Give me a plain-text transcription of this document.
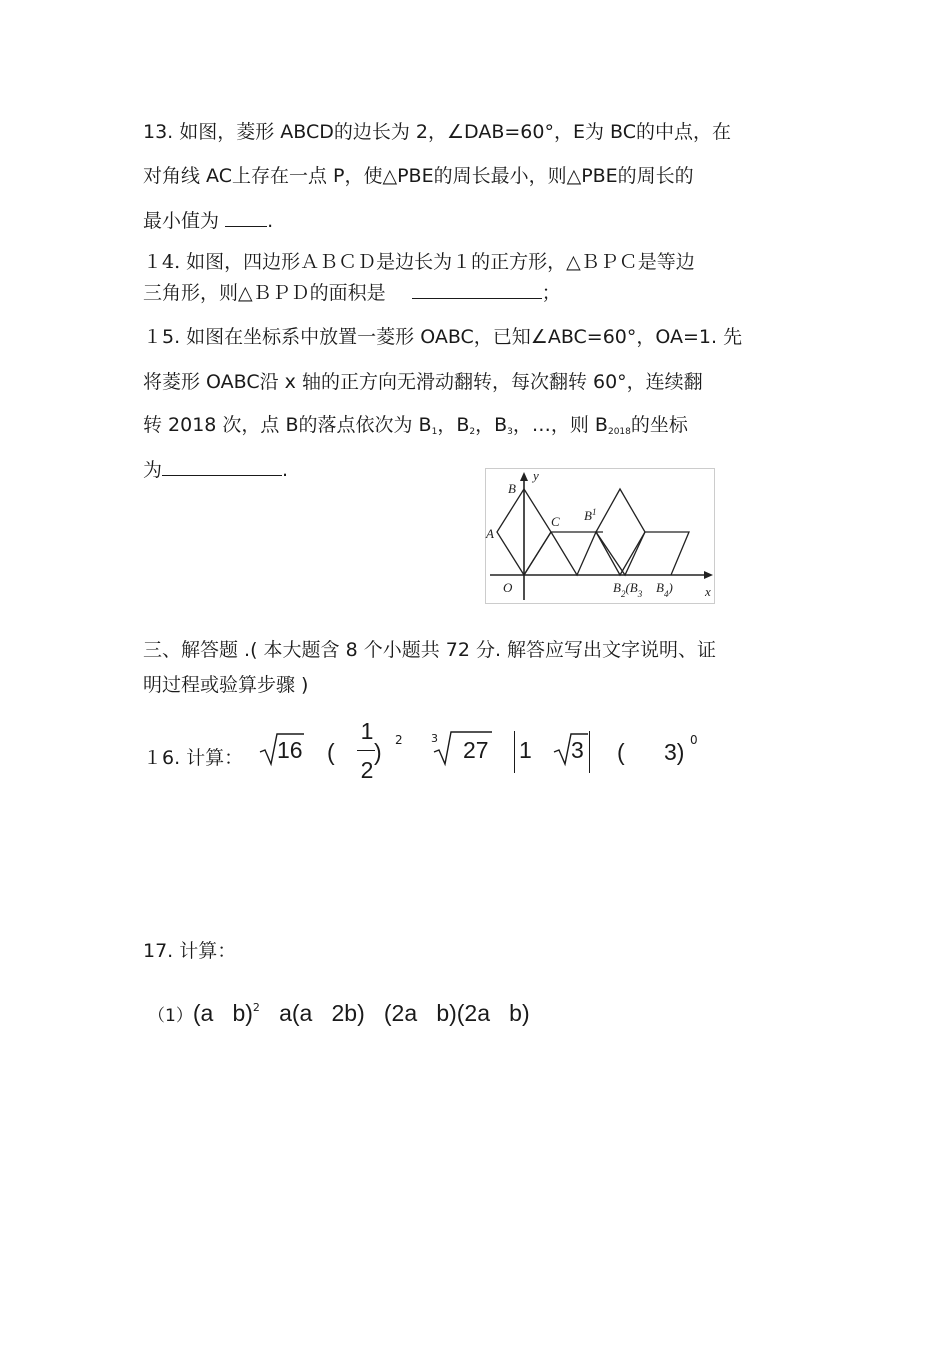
13. 如图，菱形 ABCD的边长为 2，∠DAB=60°，E为 BC的中点，在
对角线 AC上存在一点 P，使△PBE的周长最小，则△PBE的周长的
最小值为	.
１4. 如图，四边形ＡＢＣＤ是边长为１的正方形，△ＢＰＣ是等边
三角形，则△ＢＰＤ的面积是	；
１5. 如图在坐标系中放置一菱形 OABC，已知∠ABC=60°，OA=1. 先
将菱形 OABC沿 x 轴的正方向无滑动翻转，每次翻转 60°，连续翻
转 2018 次，点 B的落点依次为 $B_1$，$B_2$，$B_3$，…，则 $B_{2018}$的坐标
为	.	y
x
B
A
O
C $B^1$
$B_2(B_3$ $B_4$)
三、解答题 .( 本大题含 8 个小题共 72 分. 解答应写出文字说明、证
明过程或验算步骤 )
１6. 计算： 16 (
1
2
) 2	3 27 1 3 ( 3) 0
17. 计算：
（1）(a   b)$^2$   a(a   2b)   (2a   b)(2a   b)
